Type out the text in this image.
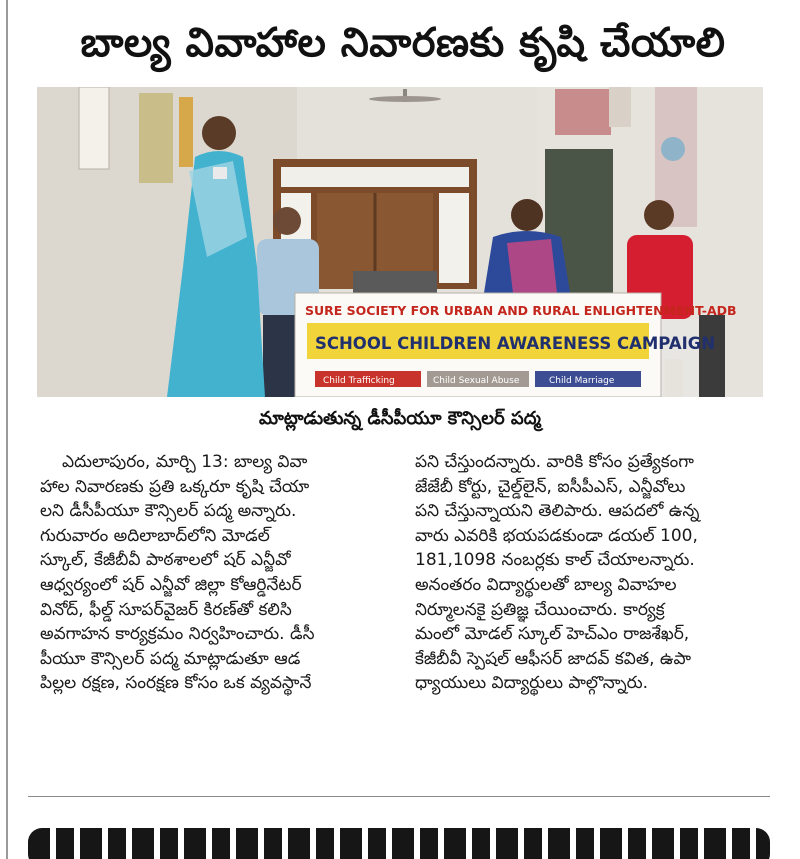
బాల్య వివాహాల నివారణకు కృషి చేయాలి
SURE SOCIETY FOR URBAN AND RURAL ENLIGHTENMENT-ADB
SCHOOL CHILDREN AWARENESS CAMPAIGN
Child Trafficking	Child Sexual Abuse	Child Marriage
మాట్లాడుతున్న డీసీపీయూ కౌన్సిలర్ పద్మ
ఎదులాపురం, మార్చి 13: బాల్య వివా
హాల నివారణకు ప్రతి ఒక్కరూ కృషి చేయా
లని డీసీపీయూ కౌన్సిలర్ పద్మ అన్నారు.
గురువారం అదిలాబాద్‌లోని మోడల్
స్కూల్, కేజీబీవీ పాఠశాలలో షర్ ఎన్జీవో
ఆధ్వర్యంలో షర్ ఎన్జీవో జిల్లా కోఆర్డినేటర్
వినోద్, ఫీల్డ్ సూపర్‌వైజర్ కిరణ్‌తో కలిసి
అవగాహన కార్యక్రమం నిర్వహించారు. డీసీ
పీయూ కౌన్సిలర్ పద్మ మాట్లాడుతూ ఆడ
పిల్లల రక్షణ, సంరక్షణ కోసం ఒక వ్యవస్థానే
పని చేస్తుందన్నారు. వారికి కోసం ప్రత్యేకంగా
జేజేబీ కోర్టు, చైల్డ్‌లైన్, ఐసీపీఎస్, ఎన్జీవోలు
పని చేస్తున్నాయని తెలిపారు. ఆపదలో ఉన్న
వారు ఎవరికి భయపడకుండా డయల్ 100,
181,1098 నంబర్లకు కాల్ చేయాలన్నారు.
అనంతరం విద్యార్థులతో బాల్య వివాహల
నిర్మూలనకై ప్రతిజ్ఞ చేయించారు. కార్యక్ర
మంలో మోడల్ స్కూల్ హెచ్‌ఎం రాజశేఖర్,
కేజీబీవీ స్పెషల్ ఆఫీసర్ జాదవ్ కవిత, ఉపా
ధ్యాయులు విద్యార్థులు పాల్గొన్నారు.
